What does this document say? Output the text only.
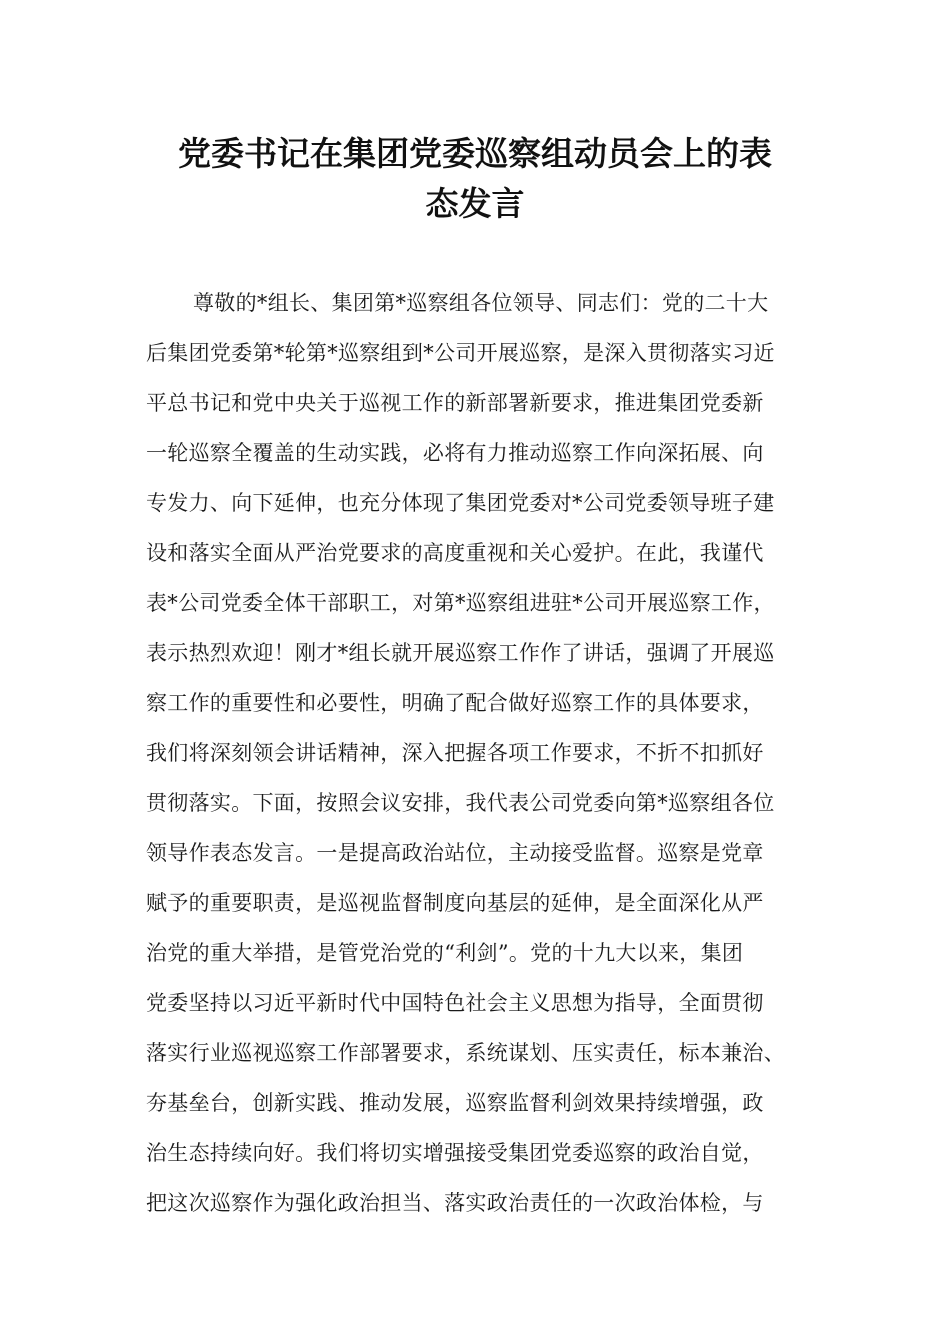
党委书记在集团党委巡察组动员会上的表
态发言
尊敬的*组长、集团第*巡察组各位领导、同志们：党的二十大
后集团党委第*轮第*巡察组到*公司开展巡察，是深入贯彻落实习近
平总书记和党中央关于巡视工作的新部署新要求，推进集团党委新
一轮巡察全覆盖的生动实践，必将有力推动巡察工作向深拓展、向
专发力、向下延伸，也充分体现了集团党委对*公司党委领导班子建
设和落实全面从严治党要求的高度重视和关心爱护。在此，我谨代
表*公司党委全体干部职工，对第*巡察组进驻*公司开展巡察工作，
表示热烈欢迎！刚才*组长就开展巡察工作作了讲话，强调了开展巡
察工作的重要性和必要性，明确了配合做好巡察工作的具体要求，
我们将深刻领会讲话精神，深入把握各项工作要求，不折不扣抓好
贯彻落实。下面，按照会议安排，我代表公司党委向第*巡察组各位
领导作表态发言。一是提高政治站位，主动接受监督。巡察是党章
赋予的重要职责，是巡视监督制度向基层的延伸，是全面深化从严
治党的重大举措，是管党治党的“利剑”。党的十九大以来，集团
党委坚持以习近平新时代中国特色社会主义思想为指导，全面贯彻
落实行业巡视巡察工作部署要求，系统谋划、压实责任，标本兼治、
夯基垒台，创新实践、推动发展，巡察监督利剑效果持续增强，政
治生态持续向好。我们将切实增强接受集团党委巡察的政治自觉，
把这次巡察作为强化政治担当、落实政治责任的一次政治体检，与
